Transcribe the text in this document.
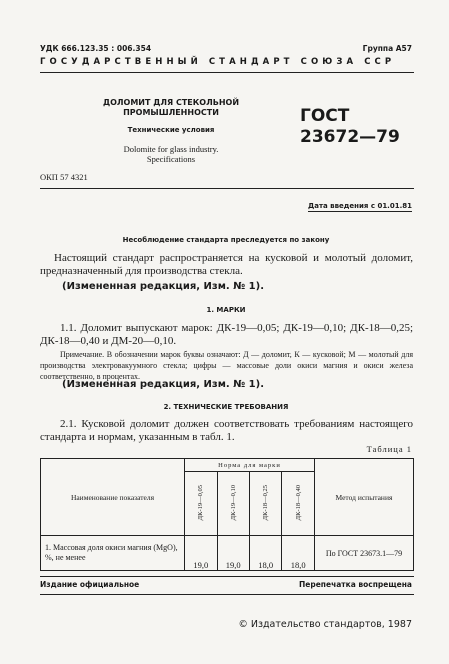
УДК 666.123.35 : 006.354	Группа А57
ГОСУДАРСТВЕННЫЙ СТАНДАРТ СОЮЗА ССР
ДОЛОМИТ ДЛЯ СТЕКОЛЬНОЙ
ПРОМЫШЛЕННОСТИ
Технические условия
Dolomite for glass industry.
Specifications
ГОСТ
23672—79
ОКП 57 4321
Дата введения с 01.01.81
Несоблюдение стандарта преследуется по закону
Настоящий стандарт распространяется на кусковой и молотый доломит, предназначенный для производства стекла.
(Измененная редакция, Изм. № 1).
1. МАРКИ
1.1. Доломит выпускают марок: ДК-19—0,05; ДК-19—0,10; ДК-18—0,25; ДК-18—0,40 и ДМ-20—0,10.
Примечание. В обозначении марок буквы означают: Д — доломит, К — кусковой; М — молотый для производства электровакуумного стекла; цифры — массовые доли окиси магния и окиси железа соответственно, в процентах.
(Измененная редакция, Изм. № 1).
2. ТЕХНИЧЕСКИЕ ТРЕБОВАНИЯ
2.1. Кусковой доломит должен соответствовать требованиям настоящего стандарта и нормам, указанным в табл. 1.
Таблица 1
Наименование показателя	Норма для марки				Метод испытания
	ДК-19—0,05	ДК-19—0,10	ДК-18—0,25	ДК-18—0,40	
1. Массовая доля окиси магния (MgO), %, не менее	19,0	19,0	18,0	18,0	По ГОСТ 23673.1—79
Издание официальное	Перепечатка воспрещена
© Издательство стандартов, 1987
